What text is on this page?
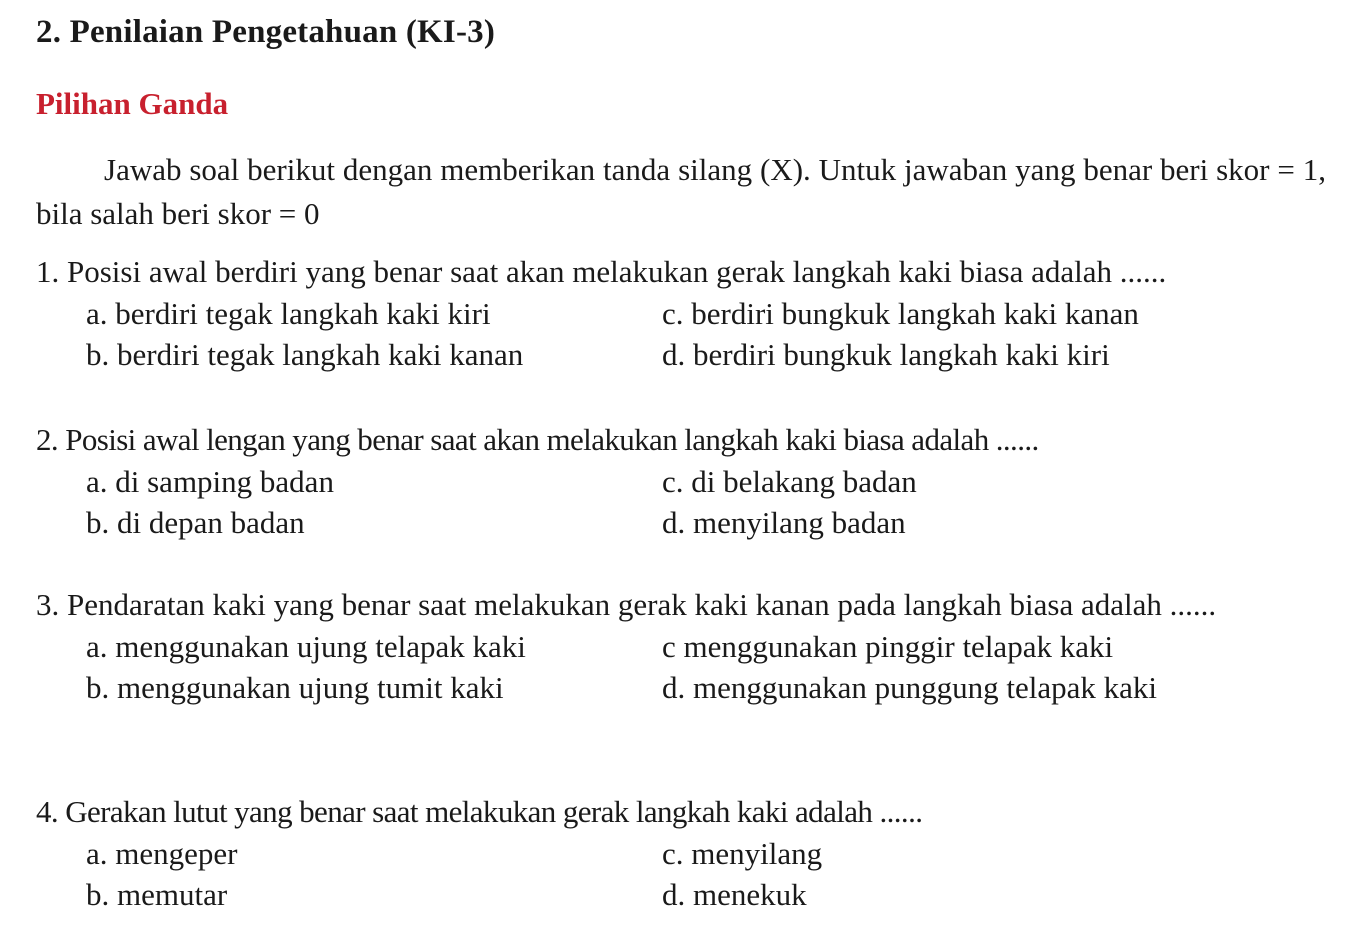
2. Penilaian Pengetahuan (KI-3)
Pilihan Ganda
Jawab soal berikut dengan memberikan tanda silang (X). Untuk jawaban yang benar beri skor = 1, bila salah beri skor = 0
1. Posisi awal berdiri yang benar saat akan melakukan gerak langkah kaki biasa adalah ......
a. berdiri tegak langkah kaki kiri	c. berdiri bungkuk langkah kaki kanan
b. berdiri tegak langkah kaki kanan	d. berdiri bungkuk langkah kaki kiri
2. Posisi awal lengan yang benar saat akan melakukan langkah kaki biasa adalah ......
a. di samping badan	c. di belakang badan
b. di depan badan	d. menyilang badan
3. Pendaratan kaki yang benar saat melakukan gerak kaki kanan pada langkah biasa adalah ......
a. menggunakan ujung telapak kaki	c menggunakan pinggir telapak kaki
b. menggunakan ujung tumit kaki	d. menggunakan punggung telapak kaki
4. Gerakan lutut yang benar saat melakukan gerak langkah kaki adalah ......
a. mengeper	c. menyilang
b. memutar	d. menekuk
